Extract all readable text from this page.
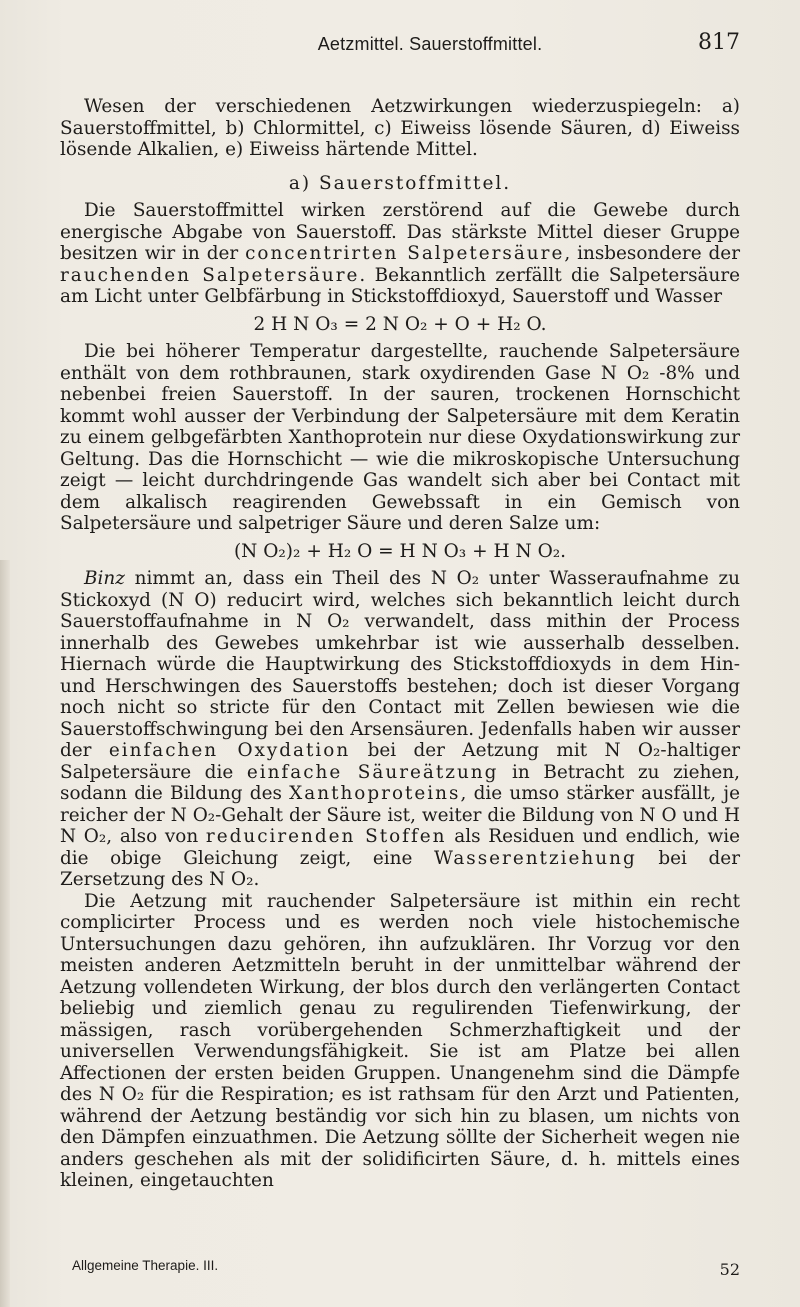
Aetzmittel. Sauerstoffmittel.	817

Wesen der verschiedenen Aetzwirkungen wiederzuspiegeln: a) Sauerstoffmittel, b) Chlormittel, c) Eiweiss lösende Säuren, d) Eiweiss lösende Alkalien, e) Eiweiss härtende Mittel.

a) Sauerstoffmittel.

Die Sauerstoffmittel wirken zerstörend auf die Gewebe durch energische Abgabe von Sauerstoff. Das stärkste Mittel dieser Gruppe besitzen wir in der concentrirten Salpetersäure, insbesondere der rauchenden Salpetersäure. Bekanntlich zerfällt die Salpetersäure am Licht unter Gelbfärbung in Stickstoffdioxyd, Sauerstoff und Wasser

2 H N O₃ = 2 N O₂ + O + H₂ O.

Die bei höherer Temperatur dargestellte, rauchende Salpetersäure enthält von dem rothbraunen, stark oxydirenden Gase N O₂ -8% und nebenbei freien Sauerstoff. In der sauren, trockenen Hornschicht kommt wohl ausser der Verbindung der Salpetersäure mit dem Keratin zu einem gelbgefärbten Xanthoprotein nur diese Oxydationswirkung zur Geltung. Das die Hornschicht — wie die mikroskopische Untersuchung zeigt — leicht durchdringende Gas wandelt sich aber bei Contact mit dem alkalisch reagirenden Gewebssaft in ein Gemisch von Salpetersäure und salpetriger Säure und deren Salze um:

(N O₂)₂ + H₂ O = H N O₃ + H N O₂.

Binz nimmt an, dass ein Theil des N O₂ unter Wasseraufnahme zu Stickoxyd (N O) reducirt wird, welches sich bekanntlich leicht durch Sauerstoffaufnahme in N O₂ verwandelt, dass mithin der Process innerhalb des Gewebes umkehrbar ist wie ausserhalb desselben. Hiernach würde die Hauptwirkung des Stickstoffdioxyds in dem Hin- und Herschwingen des Sauerstoffs bestehen; doch ist dieser Vorgang noch nicht so stricte für den Contact mit Zellen bewiesen wie die Sauerstoffschwingung bei den Arsensäuren. Jedenfalls haben wir ausser der einfachen Oxydation bei der Aetzung mit N O₂-haltiger Salpetersäure die einfache Säureätzung in Betracht zu ziehen, sodann die Bildung des Xanthoproteins, die umso stärker ausfällt, je reicher der N O₂-Gehalt der Säure ist, weiter die Bildung von N O und H N O₂, also von reducirenden Stoffen als Residuen und endlich, wie die obige Gleichung zeigt, eine Wasserentziehung bei der Zersetzung des N O₂.

Die Aetzung mit rauchender Salpetersäure ist mithin ein recht complicirter Process und es werden noch viele histochemische Untersuchungen dazu gehören, ihn aufzuklären. Ihr Vorzug vor den meisten anderen Aetzmitteln beruht in der unmittelbar während der Aetzung vollendeten Wirkung, der blos durch den verlängerten Contact beliebig und ziemlich genau zu regulirenden Tiefenwirkung, der mässigen, rasch vorübergehenden Schmerzhaftigkeit und der universellen Verwendungsfähigkeit. Sie ist am Platze bei allen Affectionen der ersten beiden Gruppen. Unangenehm sind die Dämpfe des N O₂ für die Respiration; es ist rathsam für den Arzt und Patienten, während der Aetzung beständig vor sich hin zu blasen, um nichts von den Dämpfen einzuathmen. Die Aetzung söllte der Sicherheit wegen nie anders geschehen als mit der solidificirten Säure, d. h. mittels eines kleinen, eingetauchten

Allgemeine Therapie. III.	52
